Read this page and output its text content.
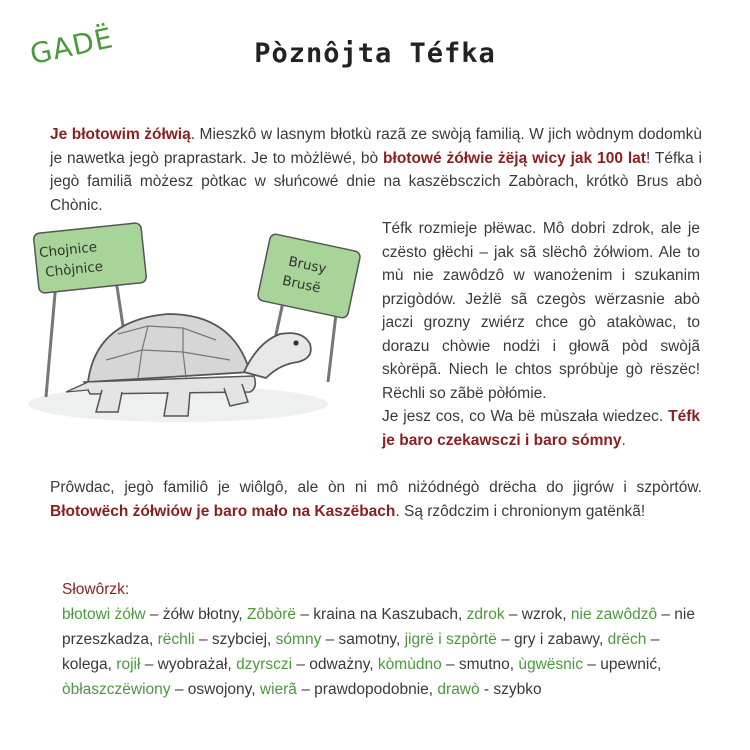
GADË	Pòznôjta Téfka
Je błotowim żółwią. Mieszkô w lasnym błotkù razã ze swòją familią. W jich wòdnym dodomkù je nawetka jegò praprastark. Je to mòżlëwé, bò błotowé żółwie żëją wicy jak 100 lat! Téfka i jegò familiã mòżesz pòtkac w słuńcowé dnie na kaszëbsczich Zabòrach, krótkò Brus abò Chònic.
Chojnice
Chòjnice	Brusy
Brusë
Téfk rozmieje płëwac. Mô dobri zdrok, ale je czësto głëchi – jak sã slëchô żółwiom. Ale to mù nie zawôdzô w wanożenim i szukanim przigòdów. Jeżlë sã czegòs wërzasnie abò jaczi grozny zwiérz chce gò atakòwac, to dorazu chòwie nodżi i głowã pòd swòjã skòrëpã. Niech le chtos spróbùje gò rëszëc! Rëchli so zãbë pòłómie.
Je jesz cos, co Wa bë mùszała wiedzec. Téfk je baro czekawsczi i baro sómny.
Prôwdac, jegò familiô je wiôlgô, ale òn ni mô niżódnégò drëcha do jigrów i szpòrtów. Błotowëch żółwiów je baro mało na Kaszëbach. Są rzôdczim i chronionym gatënkã!
Słowôrzk:
błotowi żółw – żółw błotny, Zôbòrë – kraina na Kaszubach, zdrok – wzrok, nie zawôdzô – nie przeszkadza, rëchli – szybciej, sómny – samotny, jigrë i szpòrtë – gry i zabawy, drëch – kolega, rojił – wyobrażał, dzyrsczi – odważny, kòmùdno – smutno, ùgwësnic – upewnić, òbłaszczëwiony – oswojony, wierã – prawdopodobnie, drawò - szybko
